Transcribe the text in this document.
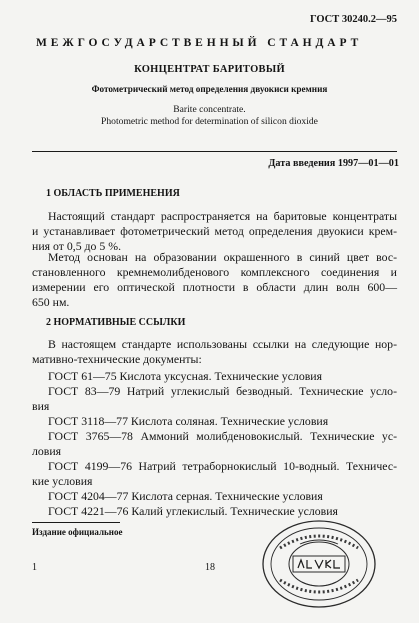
ГОСТ 30240.2—95
МЕЖГОСУДАРСТВЕННЫЙ СТАНДАРТ
КОНЦЕНТРАТ БАРИТОВЫЙ
Фотометрический метод определения двуокиси кремния
Barite concentrate.
Photometric method for determination of silicon dioxide
Дата введения 1997—01—01
1 ОБЛАСТЬ ПРИМЕНЕНИЯ
Настоящий стандарт распространяется на баритовые концентраты
и устанавливает фотометрический метод определения двуокиси крем-
ния от 0,5 до 5 %.
Метод основан на образовании окрашенного в синий цвет вос-
становленного кремнемолибденового комплексного соединения и
измерении его оптической плотности в области длин волн 600—
650 нм.
2 НОРМАТИВНЫЕ ССЫЛКИ
В настоящем стандарте использованы ссылки на следующие нор-
мативно-технические документы:
ГОСТ 61—75 Кислота уксусная. Технические условия
ГОСТ 83—79 Натрий углекислый безводный. Технические усло-
вия
ГОСТ 3118—77 Кислота соляная. Технические условия
ГОСТ 3765—78 Аммоний молибденовокислый. Технические ус-
ловия
ГОСТ 4199—76 Натрий тетраборнокислый 10-водный. Техничес-
кие условия
ГОСТ 4204—77 Кислота серная. Технические условия
ГОСТ 4221—76 Калий углекислый. Технические условия
Издание официальное
1	18
